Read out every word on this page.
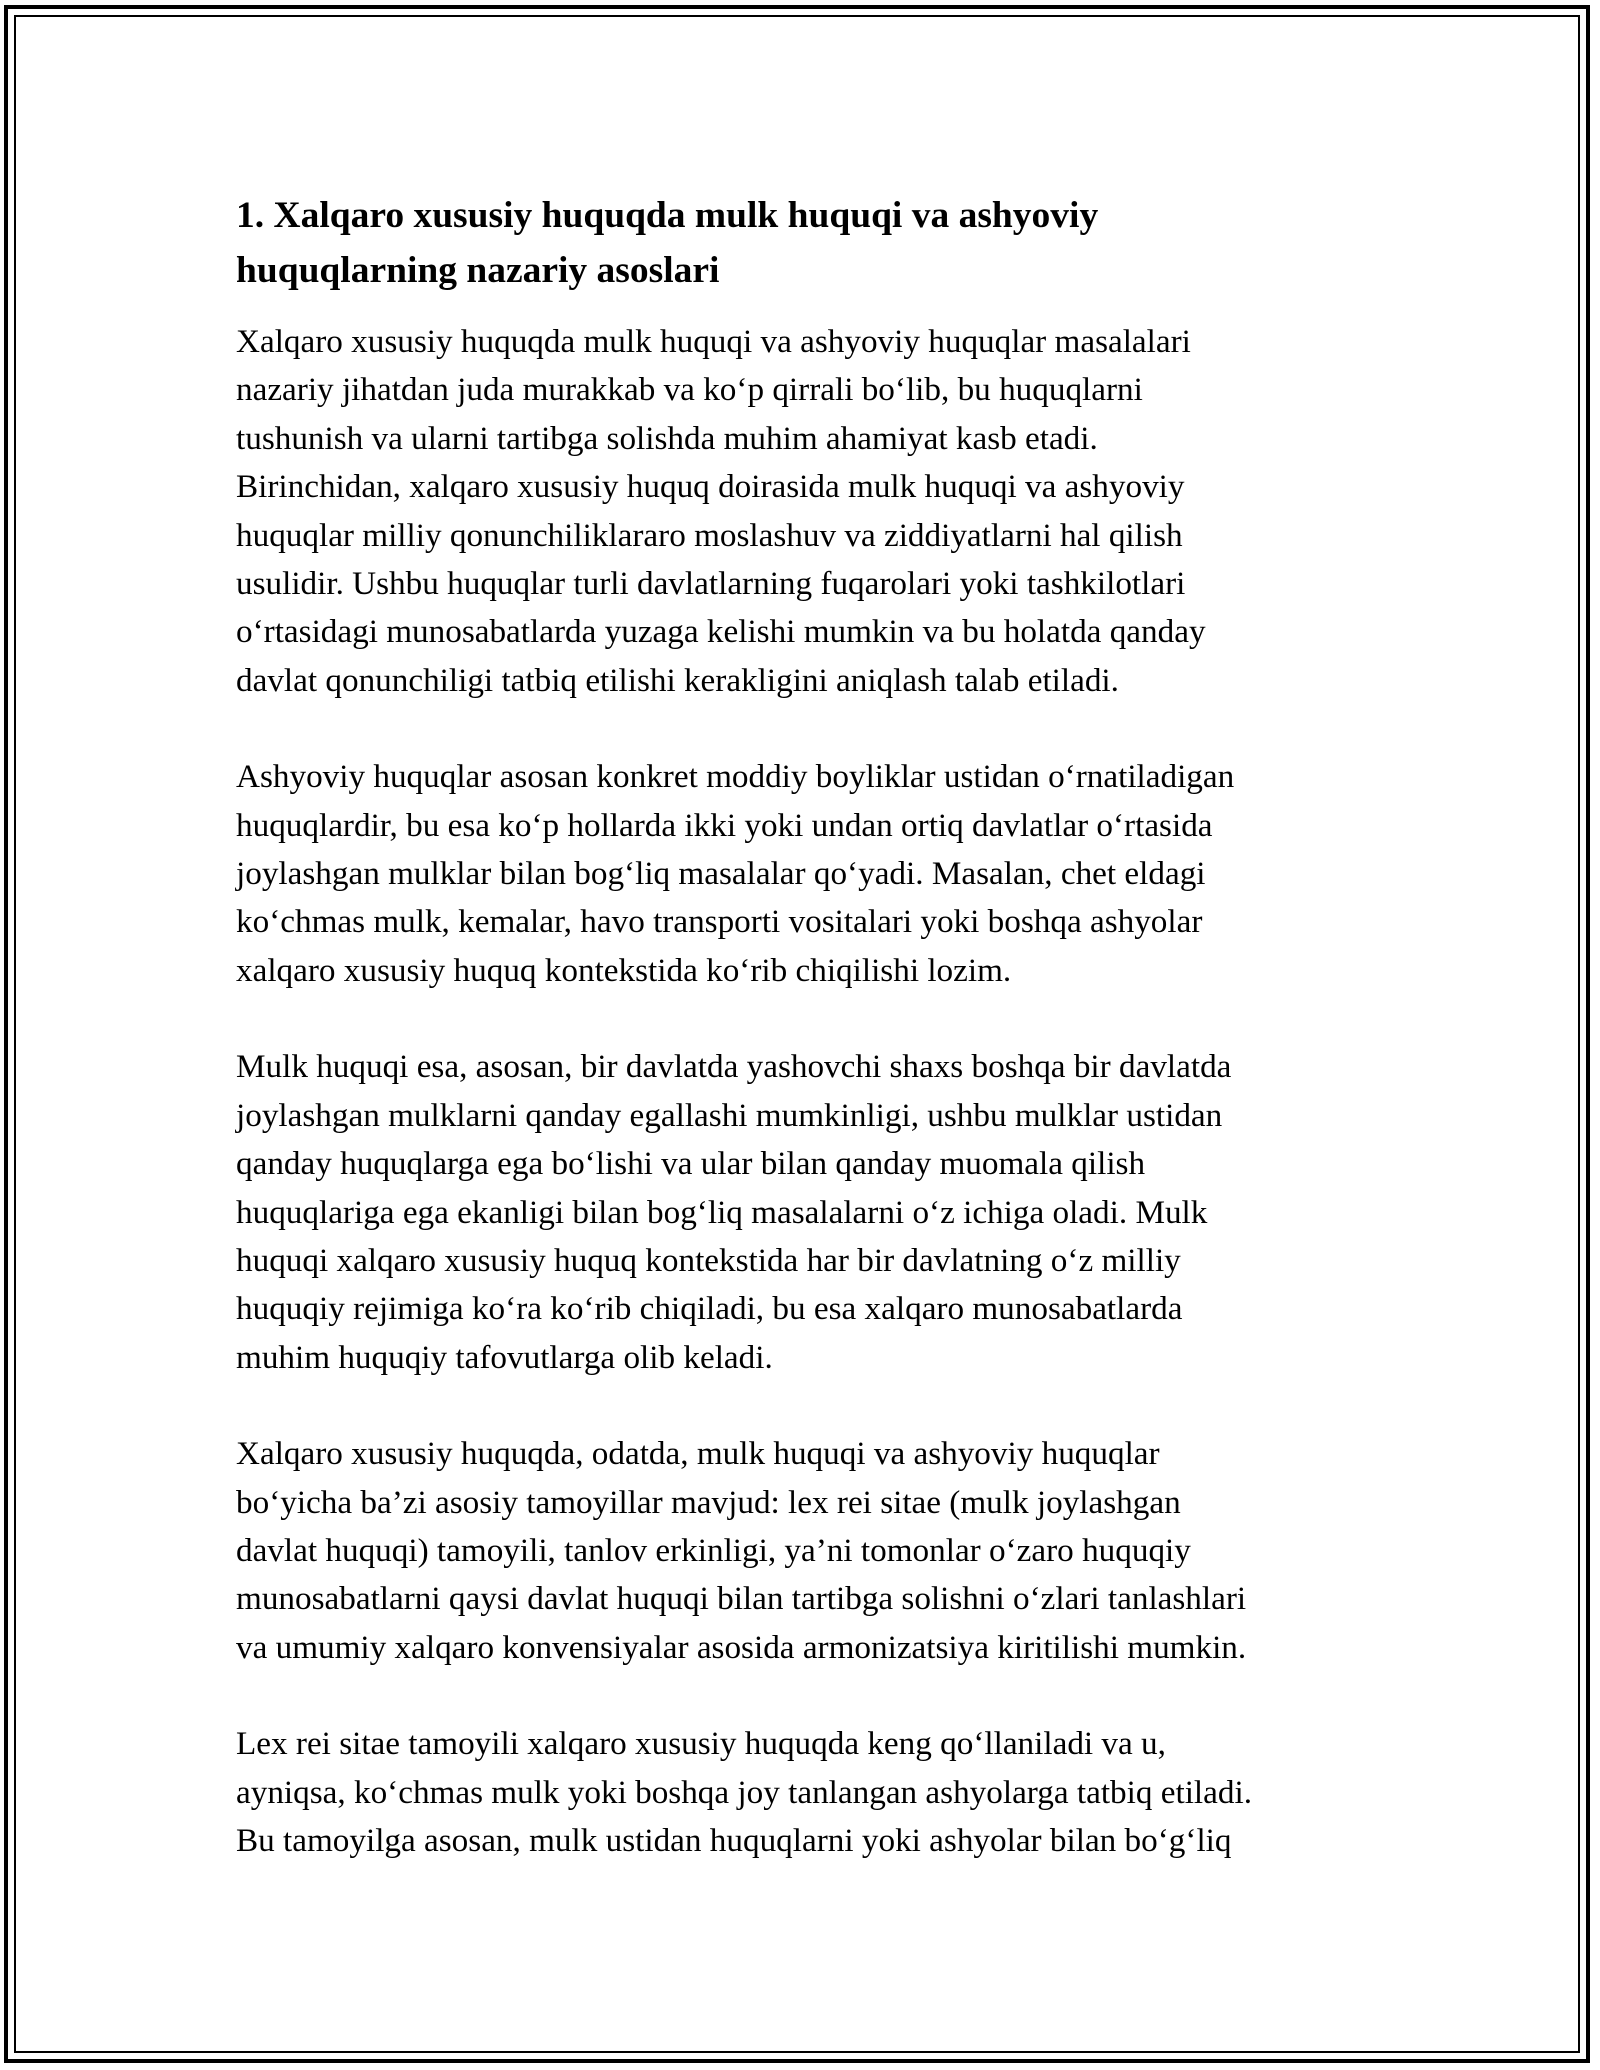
1. Xalqaro xususiy huquqda mulk huquqi va ashyoviy
huquqlarning nazariy asoslari

Xalqaro xususiy huquqda mulk huquqi va ashyoviy huquqlar masalalari
nazariy jihatdan juda murakkab va ko‘p qirrali bo‘lib, bu huquqlarni
tushunish va ularni tartibga solishda muhim ahamiyat kasb etadi.
Birinchidan, xalqaro xususiy huquq doirasida mulk huquqi va ashyoviy
huquqlar milliy qonunchiliklararo moslashuv va ziddiyatlarni hal qilish
usulidir. Ushbu huquqlar turli davlatlarning fuqarolari yoki tashkilotlari
o‘rtasidagi munosabatlarda yuzaga kelishi mumkin va bu holatda qanday
davlat qonunchiligi tatbiq etilishi kerakligini aniqlash talab etiladi.

Ashyoviy huquqlar asosan konkret moddiy boyliklar ustidan o‘rnatiladigan
huquqlardir, bu esa ko‘p hollarda ikki yoki undan ortiq davlatlar o‘rtasida
joylashgan mulklar bilan bog‘liq masalalar qo‘yadi. Masalan, chet eldagi
ko‘chmas mulk, kemalar, havo transporti vositalari yoki boshqa ashyolar
xalqaro xususiy huquq kontekstida ko‘rib chiqilishi lozim.

Mulk huquqi esa, asosan, bir davlatda yashovchi shaxs boshqa bir davlatda
joylashgan mulklarni qanday egallashi mumkinligi, ushbu mulklar ustidan
qanday huquqlarga ega bo‘lishi va ular bilan qanday muomala qilish
huquqlariga ega ekanligi bilan bog‘liq masalalarni o‘z ichiga oladi. Mulk
huquqi xalqaro xususiy huquq kontekstida har bir davlatning o‘z milliy
huquqiy rejimiga ko‘ra ko‘rib chiqiladi, bu esa xalqaro munosabatlarda
muhim huquqiy tafovutlarga olib keladi.

Xalqaro xususiy huquqda, odatda, mulk huquqi va ashyoviy huquqlar
bo‘yicha ba’zi asosiy tamoyillar mavjud: lex rei sitae (mulk joylashgan
davlat huquqi) tamoyili, tanlov erkinligi, ya’ni tomonlar o‘zaro huquqiy
munosabatlarni qaysi davlat huquqi bilan tartibga solishni o‘zlari tanlashlari
va umumiy xalqaro konvensiyalar asosida armonizatsiya kiritilishi mumkin.

Lex rei sitae tamoyili xalqaro xususiy huquqda keng qo‘llaniladi va u,
ayniqsa, ko‘chmas mulk yoki boshqa joy tanlangan ashyolarga tatbiq etiladi.
Bu tamoyilga asosan, mulk ustidan huquqlarni yoki ashyolar bilan bo‘g‘liq
